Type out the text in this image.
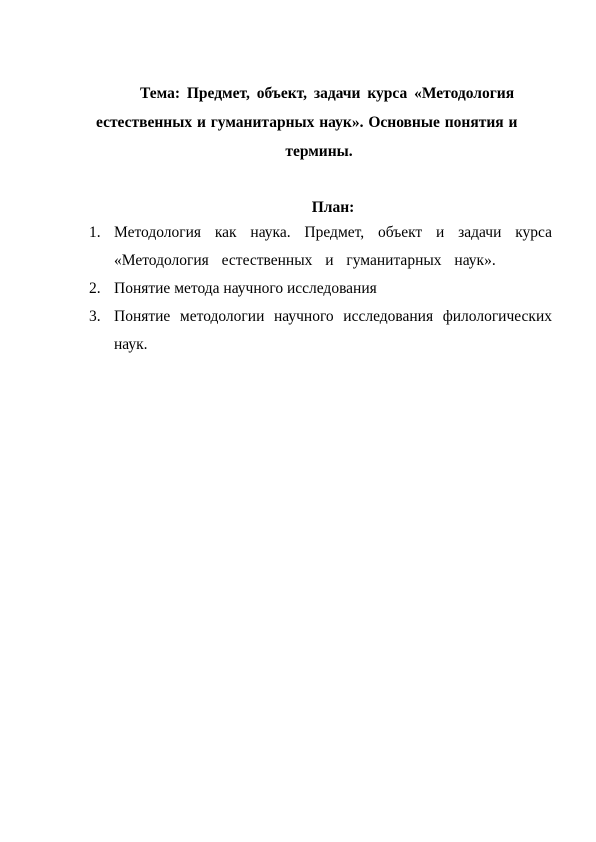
Тема: Предмет, объект, задачи курса «Методология
естественных и гуманитарных наук». Основные понятия и
термины.
План:
1. Методология как наука. Предмет, объект и задачи курса «Методология естественных и гуманитарных наук».
2. Понятие метода научного исследования
3. Понятие методологии научного исследования филологических наук.
